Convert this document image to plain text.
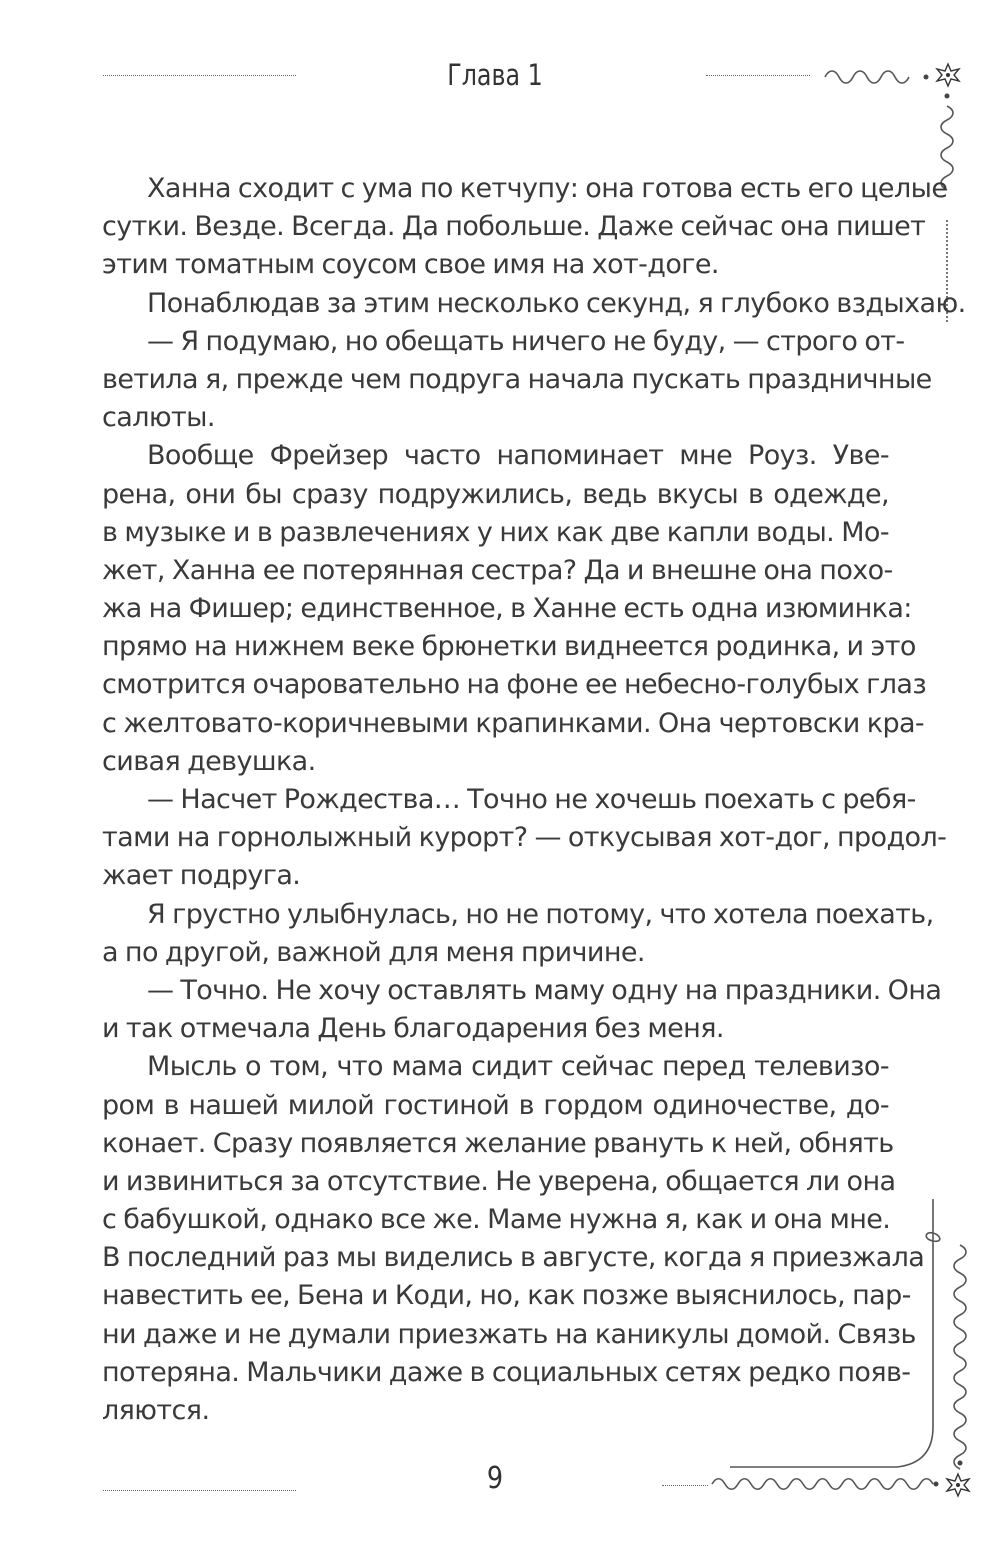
Глава 1
Ханна сходит с ума по кетчупу: она готова есть его целые
сутки. Везде. Всегда. Да побольше. Даже сейчас она пишет
этим томатным соусом свое имя на хот-доге.
Понаблюдав за этим несколько секунд, я глубоко вздыхаю.
— Я подумаю, но обещать ничего не буду, — строго от-
ветила я, прежде чем подруга начала пускать праздничные
салюты.
Вообще Фрейзер часто напоминает мне Роуз. Уве-
рена, они бы сразу подружились, ведь вкусы в одежде,
в музыке и в развлечениях у них как две капли воды. Мо-
жет, Ханна ее потерянная сестра? Да и внешне она похо-
жа на Фишер; единственное, в Ханне есть одна изюминка:
прямо на нижнем веке брюнетки виднеется родинка, и это
смотрится очаровательно на фоне ее небесно-голубых глаз
с желтовато-коричневыми крапинками. Она чертовски кра-
сивая девушка.
— Насчет Рождества… Точно не хочешь поехать с ребя-
тами на горнолыжный курорт? — откусывая хот-дог, продол-
жает подруга.
Я грустно улыбнулась, но не потому, что хотела поехать,
а по другой, важной для меня причине.
— Точно. Не хочу оставлять маму одну на праздники. Она
и так отмечала День благодарения без меня.
Мысль о том, что мама сидит сейчас перед телевизо-
ром в нашей милой гостиной в гордом одиночестве, до-
конает. Сразу появляется желание рвануть к ней, обнять
и извиниться за отсутствие. Не уверена, общается ли она
с бабушкой, однако все же. Маме нужна я, как и она мне.
В последний раз мы виделись в августе, когда я приезжала
навестить ее, Бена и Коди, но, как позже выяснилось, пар-
ни даже и не думали приезжать на каникулы домой. Связь
потеряна. Мальчики даже в социальных сетях редко появ-
ляются.
9
